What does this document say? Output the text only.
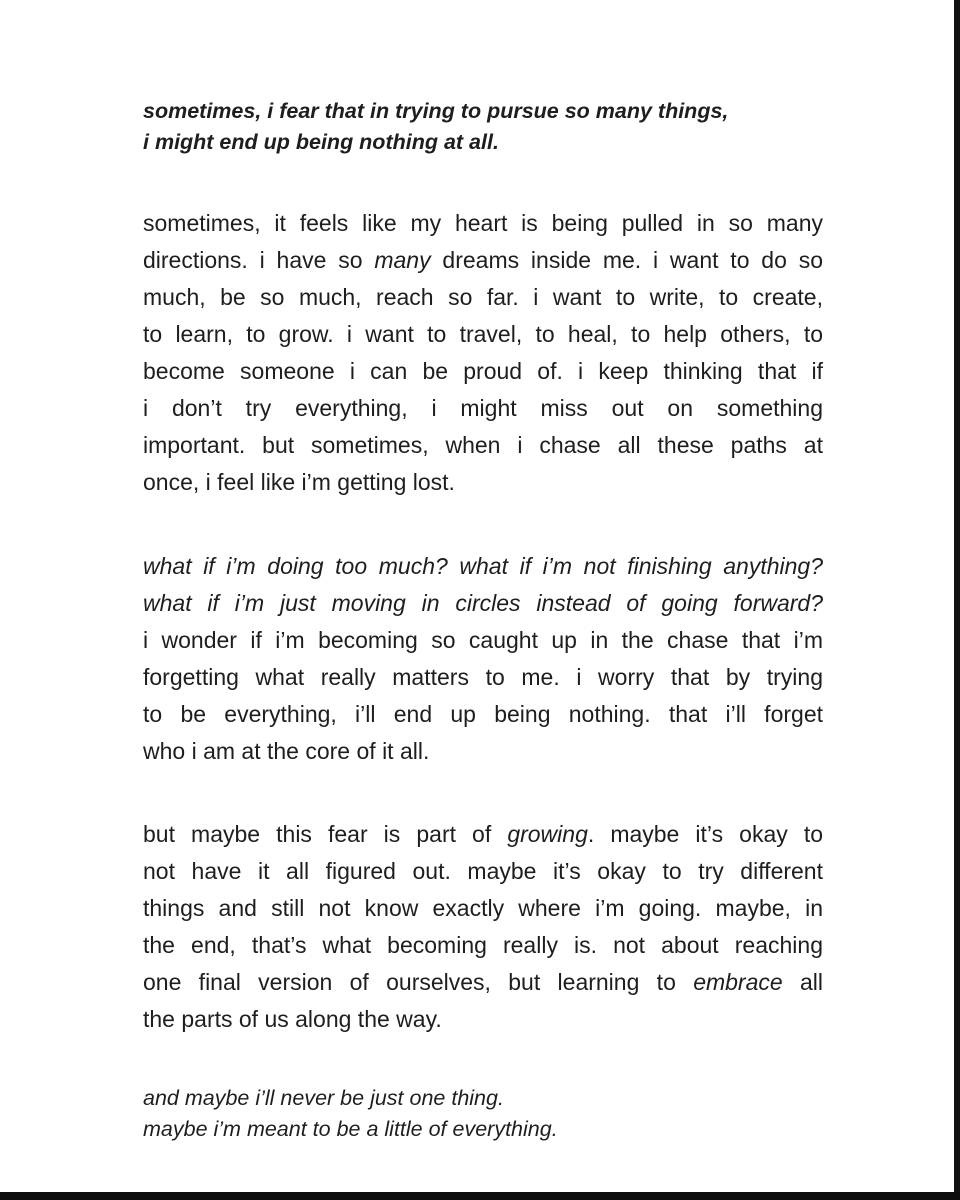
sometimes, i fear that in trying to pursue so many things,
i might end up being nothing at all.
sometimes, it feels like my heart is being pulled in so many
directions. i have so many dreams inside me. i want to do so
much, be so much, reach so far. i want to write, to create,
to learn, to grow. i want to travel, to heal, to help others, to
become someone i can be proud of. i keep thinking that if
i don’t try everything, i might miss out on something
important. but sometimes, when i chase all these paths at
once, i feel like i’m getting lost.
what if i’m doing too much? what if i’m not finishing anything?
what if i’m just moving in circles instead of going forward?
i wonder if i’m becoming so caught up in the chase that i’m
forgetting what really matters to me. i worry that by trying
to be everything, i’ll end up being nothing. that i’ll forget
who i am at the core of it all.
but maybe this fear is part of growing. maybe it’s okay to
not have it all figured out. maybe it’s okay to try different
things and still not know exactly where i’m going. maybe, in
the end, that’s what becoming really is. not about reaching
one final version of ourselves, but learning to embrace all
the parts of us along the way.
and maybe i’ll never be just one thing.
maybe i’m meant to be a little of everything.
